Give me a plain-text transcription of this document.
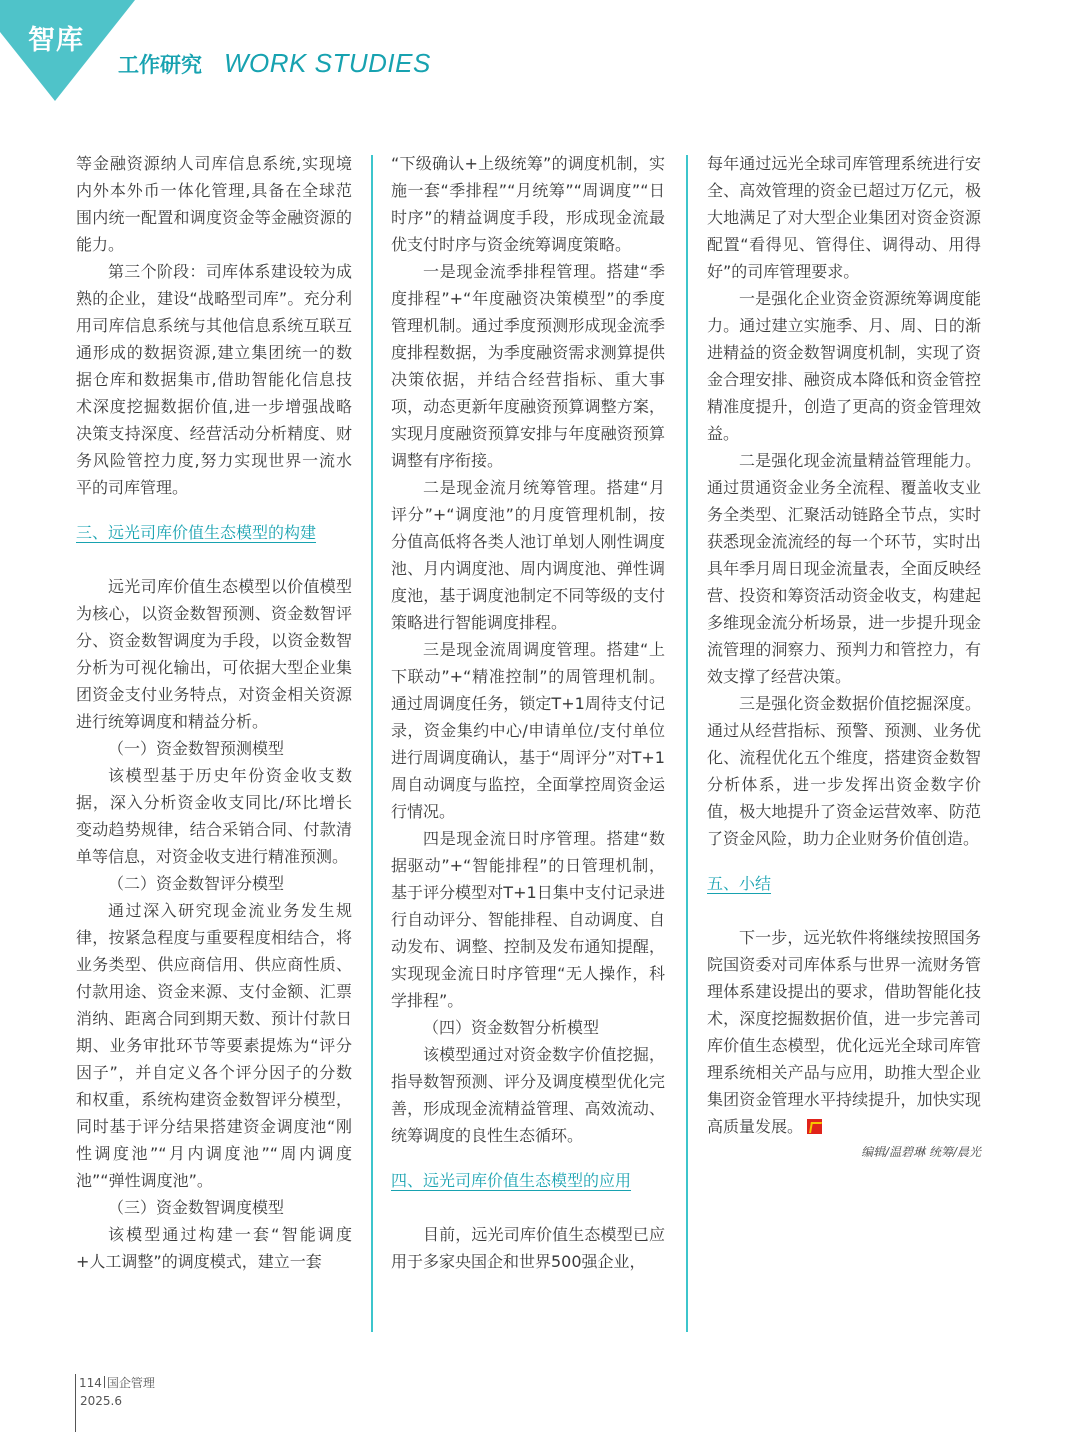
智库
工作研究 WORK STUDIES

等金融资源纳人司库信息系统,实现境内外本外币一体化管理,具备在全球范围内统一配置和调度资金等金融资源的能力。

第三个阶段：司库体系建设较为成熟的企业，建设“战略型司库”。充分利用司库信息系统与其他信息系统互联互通形成的数据资源,建立集团统一的数据仓库和数据集市,借助智能化信息技术深度挖掘数据价值,进一步增强战略决策支持深度、经营活动分析精度、财务风险管控力度,努力实现世界一流水平的司库管理。

三、远光司库价值生态模型的构建

远光司库价值生态模型以价值模型为核心，以资金数智预测、资金数智评分、资金数智调度为手段，以资金数智分析为可视化输出，可依据大型企业集团资金支付业务特点，对资金相关资源进行统筹调度和精益分析。

（一）资金数智预测模型

该模型基于历史年份资金收支数据，深入分析资金收支同比/环比增长变动趋势规律，结合采销合同、付款清单等信息，对资金收支进行精准预测。

（二）资金数智评分模型

通过深入研究现金流业务发生规律，按紧急程度与重要程度相结合，将业务类型、供应商信用、供应商性质、付款用途、资金来源、支付金额、汇票消纳、距离合同到期天数、预计付款日期、业务审批环节等要素提炼为“评分因子”，并自定义各个评分因子的分数和权重，系统构建资金数智评分模型，同时基于评分结果搭建资金调度池“刚性调度池”“月内调度池”“周内调度池”“弹性调度池”。

（三）资金数智调度模型

该模型通过构建一套“智能调度+人工调整”的调度模式，建立一套

“下级确认+上级统筹”的调度机制，实施一套“季排程”“月统筹”“周调度”“日时序”的精益调度手段，形成现金流最优支付时序与资金统筹调度策略。

一是现金流季排程管理。搭建“季度排程”+“年度融资决策模型”的季度管理机制。通过季度预测形成现金流季度排程数据，为季度融资需求测算提供决策依据，并结合经营指标、重大事项，动态更新年度融资预算调整方案，实现月度融资预算安排与年度融资预算调整有序衔接。

二是现金流月统筹管理。搭建“月评分”+“调度池”的月度管理机制，按分值高低将各类人池订单划人刚性调度池、月内调度池、周内调度池、弹性调度池，基于调度池制定不同等级的支付策略进行智能调度排程。

三是现金流周调度管理。搭建“上下联动”+“精准控制”的周管理机制。通过周调度任务，锁定T+1周待支付记录，资金集约中心/申请单位/支付单位进行周调度确认，基于“周评分”对T+1周自动调度与监控，全面掌控周资金运行情况。

四是现金流日时序管理。搭建“数据驱动”+“智能排程”的日管理机制，基于评分模型对T+1日集中支付记录进行自动评分、智能排程、自动调度、自动发布、调整、控制及发布通知提醒，实现现金流日时序管理“无人操作，科学排程”。

（四）资金数智分析模型

该模型通过对资金数字价值挖掘，指导数智预测、评分及调度模型优化完善，形成现金流精益管理、高效流动、统筹调度的良性生态循环。

四、远光司库价值生态模型的应用

目前，远光司库价值生态模型已应用于多家央国企和世界500强企业，

每年通过远光全球司库管理系统进行安全、高效管理的资金已超过万亿元，极大地满足了对大型企业集团对资金资源配置“看得见、管得住、调得动、用得好”的司库管理要求。

一是强化企业资金资源统筹调度能力。通过建立实施季、月、周、日的渐进精益的资金数智调度机制，实现了资金合理安排、融资成本降低和资金管控精准度提升，创造了更高的资金管理效益。

二是强化现金流量精益管理能力。通过贯通资金业务全流程、覆盖收支业务全类型、汇聚活动链路全节点，实时获悉现金流流经的每一个环节，实时出具年季月周日现金流量表，全面反映经营、投资和筹资活动资金收支，构建起多维现金流分析场景，进一步提升现金流管理的洞察力、预判力和管控力，有效支撑了经营决策。

三是强化资金数据价值挖掘深度。通过从经营指标、预警、预测、业务优化、流程优化五个维度，搭建资金数智分析体系，进一步发挥出资金数字价值，极大地提升了资金运营效率、防范了资金风险，助力企业财务价值创造。

五、小结

下一步，远光软件将继续按照国务院国资委对司库体系与世界一流财务管理体系建设提出的要求，借助智能化技术，深度挖掘数据价值，进一步完善司库价值生态模型，优化远光全球司库管理系统相关产品与应用，助推大型企业集团资金管理水平持续提升，加快实现高质量发展。

编辑/温碧琳 统筹/晨光

114 国企管理
2025.6
